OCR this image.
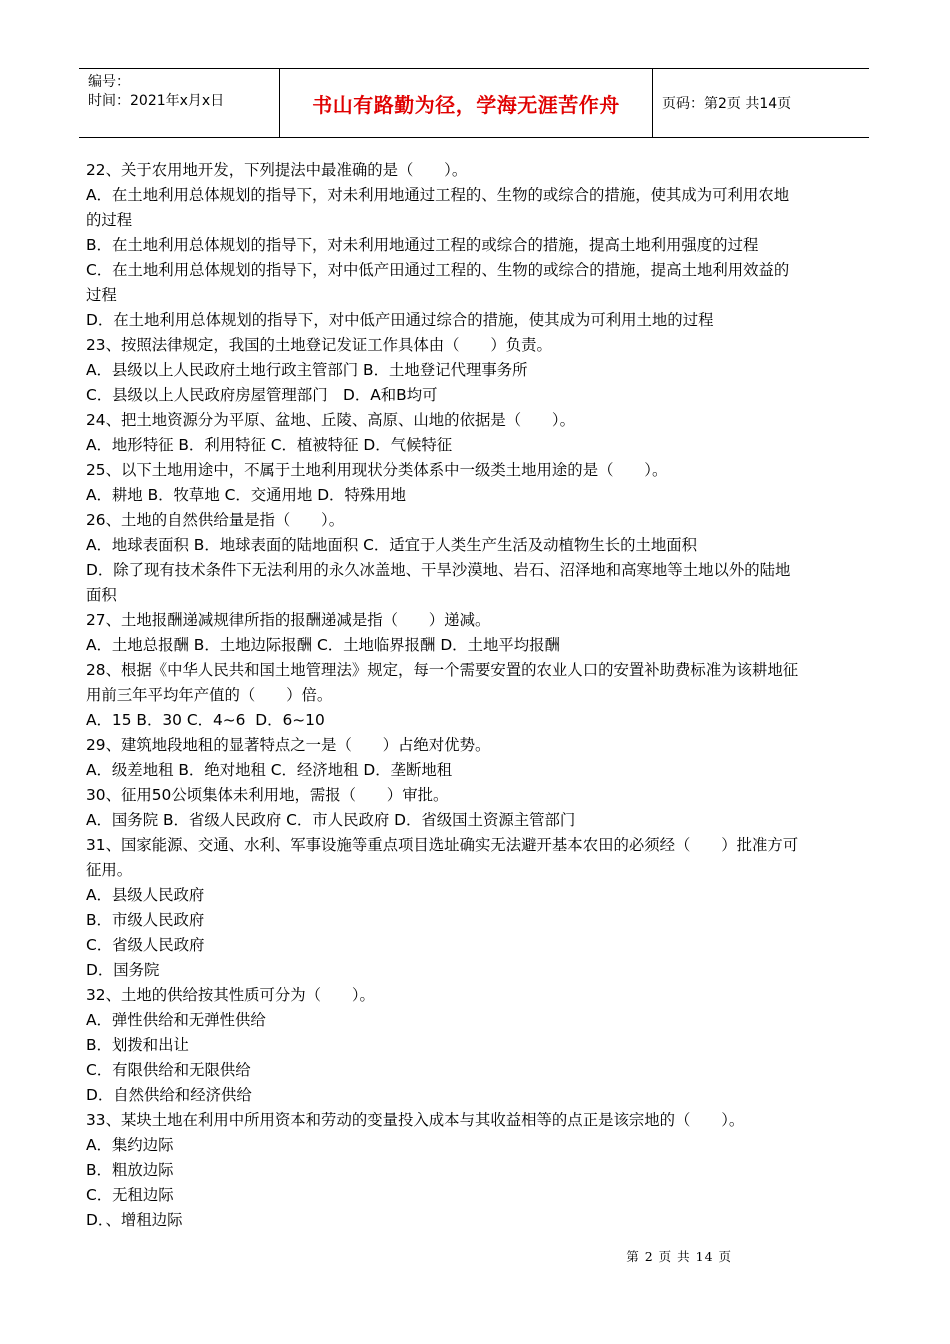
编号：
时间：2021年x月x日	书山有路勤为径，学海无涯苦作舟	页码：第2页 共14页

22、关于农用地开发，下列提法中最准确的是（　　）。

A．在土地利用总体规划的指导下，对未利用地通过工程的、生物的或综合的措施，使其成为可利用农地

的过程

B．在土地利用总体规划的指导下，对未利用地通过工程的或综合的措施，提高土地利用强度的过程

C．在土地利用总体规划的指导下，对中低产田通过工程的、生物的或综合的措施，提高土地利用效益的

过程

D．在土地利用总体规划的指导下，对中低产田通过综合的措施，使其成为可利用土地的过程

23、按照法律规定，我国的土地登记发证工作具体由（　　）负责。

A．县级以上人民政府土地行政主管部门 B．土地登记代理事务所

C．县级以上人民政府房屋管理部门　D．A和B均可

24、把土地资源分为平原、盆地、丘陵、高原、山地的依据是（　　）。

A．地形特征 B．利用特征 C．植被特征 D．气候特征

25、以下土地用途中，不属于土地利用现状分类体系中一级类土地用途的是（　　）。

A．耕地 B．牧草地 C．交通用地 D．特殊用地

26、土地的自然供给量是指（　　）。

A．地球表面积 B．地球表面的陆地面积 C．适宜于人类生产生活及动植物生长的土地面积

D．除了现有技术条件下无法利用的永久冰盖地、干旱沙漠地、岩石、沼泽地和高寒地等土地以外的陆地

面积

27、土地报酬递减规律所指的报酬递减是指（　　）递减。

A．土地总报酬 B．土地边际报酬 C．土地临界报酬 D．土地平均报酬

28、根据《中华人民共和国土地管理法》规定，每一个需要安置的农业人口的安置补助费标准为该耕地征

用前三年平均年产值的（　　）倍。

A．15 B．30 C．4~6  D．6~10

29、建筑地段地租的显著特点之一是（　　）占绝对优势。

A．级差地租 B．绝对地租 C．经济地租 D．垄断地租

30、征用50公顷集体未利用地，需报（　　）审批。

A．国务院 B．省级人民政府 C．市人民政府 D．省级国土资源主管部门

31、国家能源、交通、水利、军事设施等重点项目选址确实无法避开基本农田的必须经（　　）批准方可

征用。

A．县级人民政府

B．市级人民政府

C．省级人民政府

D．国务院

32、土地的供给按其性质可分为（　　）。

A．弹性供给和无弹性供给

B．划拨和出让

C．有限供给和无限供给

D．自然供给和经济供给

33、某块土地在利用中所用资本和劳动的变量投入成本与其收益相等的点正是该宗地的（　　）。

A．集约边际

B．粗放边际

C．无租边际

D．、增租边际

第 2 页 共 14 页
